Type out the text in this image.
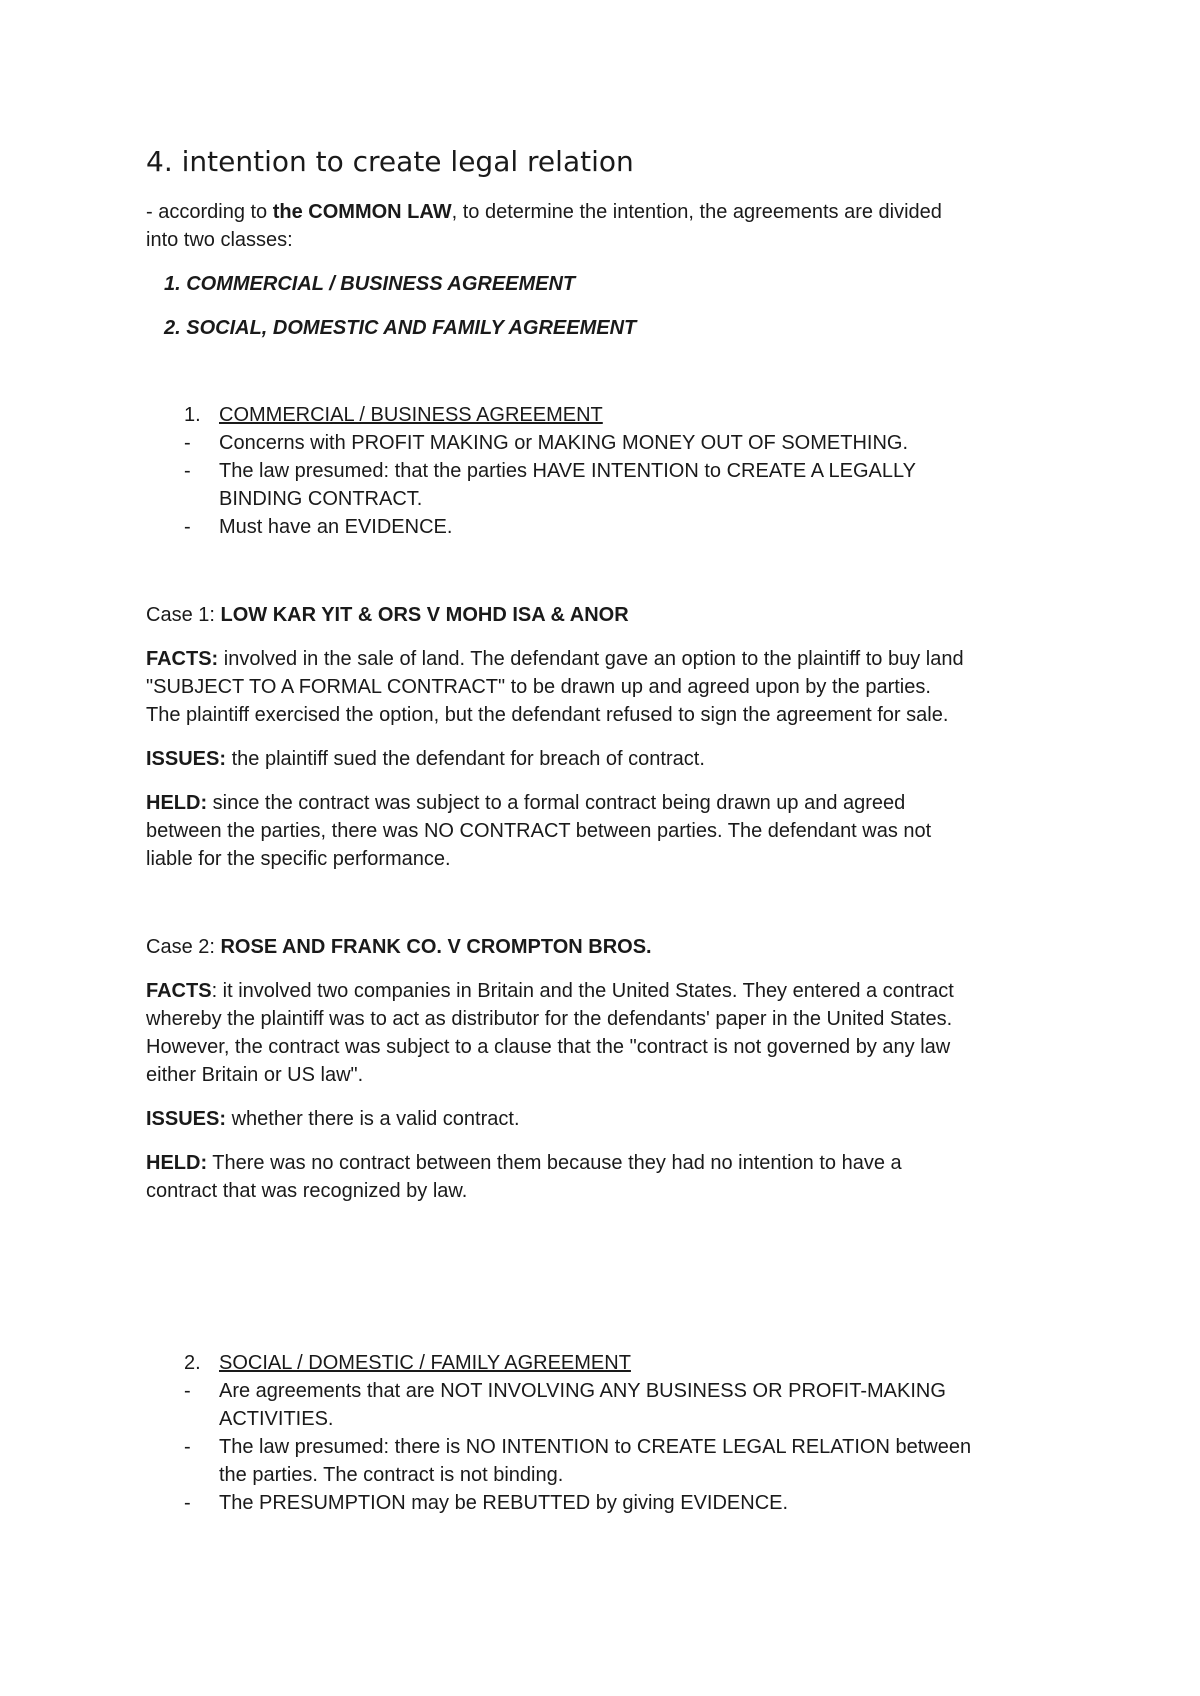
4. intention to create legal relation
- according to the COMMON LAW, to determine the intention, the agreements are divided
into two classes:
1. COMMERCIAL / BUSINESS AGREEMENT
2. SOCIAL, DOMESTIC AND FAMILY AGREEMENT
1. COMMERCIAL / BUSINESS AGREEMENT
- Concerns with PROFIT MAKING or MAKING MONEY OUT OF SOMETHING.
- The law presumed: that the parties HAVE INTENTION to CREATE A LEGALLY
BINDING CONTRACT.
- Must have an EVIDENCE.
Case 1: LOW KAR YIT & ORS V MOHD ISA & ANOR
FACTS: involved in the sale of land. The defendant gave an option to the plaintiff to buy land
"SUBJECT TO A FORMAL CONTRACT" to be drawn up and agreed upon by the parties.
The plaintiff exercised the option, but the defendant refused to sign the agreement for sale.
ISSUES: the plaintiff sued the defendant for breach of contract.
HELD: since the contract was subject to a formal contract being drawn up and agreed
between the parties, there was NO CONTRACT between parties. The defendant was not
liable for the specific performance.
Case 2: ROSE AND FRANK CO. V CROMPTON BROS.
FACTS: it involved two companies in Britain and the United States. They entered a contract
whereby the plaintiff was to act as distributor for the defendants' paper in the United States.
However, the contract was subject to a clause that the "contract is not governed by any law
either Britain or US law".
ISSUES: whether there is a valid contract.
HELD: There was no contract between them because they had no intention to have a
contract that was recognized by law.
2. SOCIAL / DOMESTIC / FAMILY AGREEMENT
- Are agreements that are NOT INVOLVING ANY BUSINESS OR PROFIT-MAKING
ACTIVITIES.
- The law presumed: there is NO INTENTION to CREATE LEGAL RELATION between
the parties. The contract is not binding.
- The PRESUMPTION may be REBUTTED by giving EVIDENCE.
